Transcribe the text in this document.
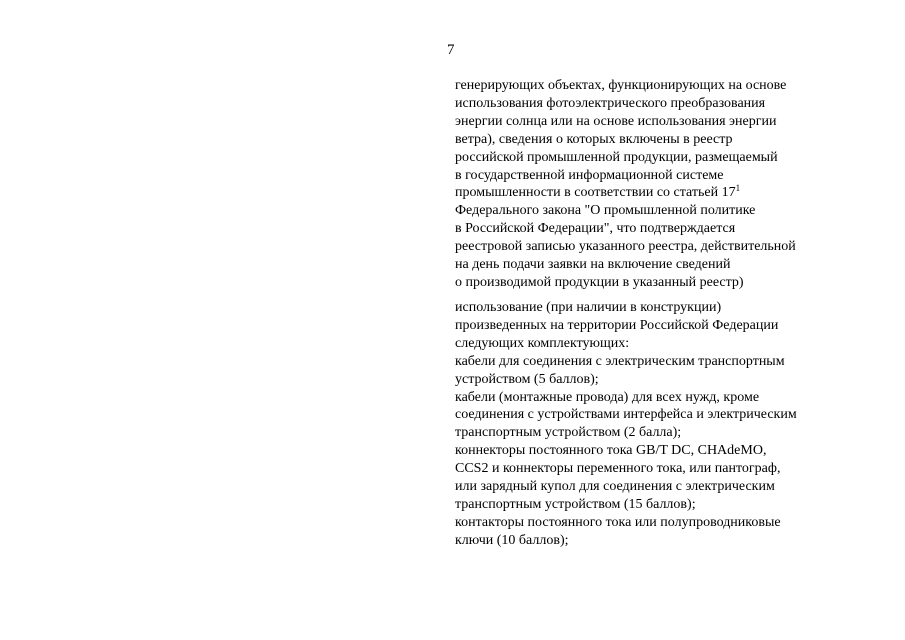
7
генерирующих объектах, функционирующих на основе
использования фотоэлектрического преобразования
энергии солнца или на основе использования энергии
ветра), сведения о которых включены в реестр
российской промышленной продукции, размещаемый
в государственной информационной системе
промышленности в соответствии со статьей $17^1$
Федерального закона "О промышленной политике
в Российской Федерации", что подтверждается
реестровой записью указанного реестра, действительной
на день подачи заявки на включение сведений
о производимой продукции в указанный реестр)
использование (при наличии в конструкции)
произведенных на территории Российской Федерации
следующих комплектующих:
кабели для соединения с электрическим транспортным
устройством (5 баллов);
кабели (монтажные провода) для всех нужд, кроме
соединения с устройствами интерфейса и электрическим
транспортным устройством (2 балла);
коннекторы постоянного тока GB/T DC, CHAdeMO,
CCS2 и коннекторы переменного тока, или пантограф,
или зарядный купол для соединения с электрическим
транспортным устройством (15 баллов);
контакторы постоянного тока или полупроводниковые
ключи (10 баллов);
